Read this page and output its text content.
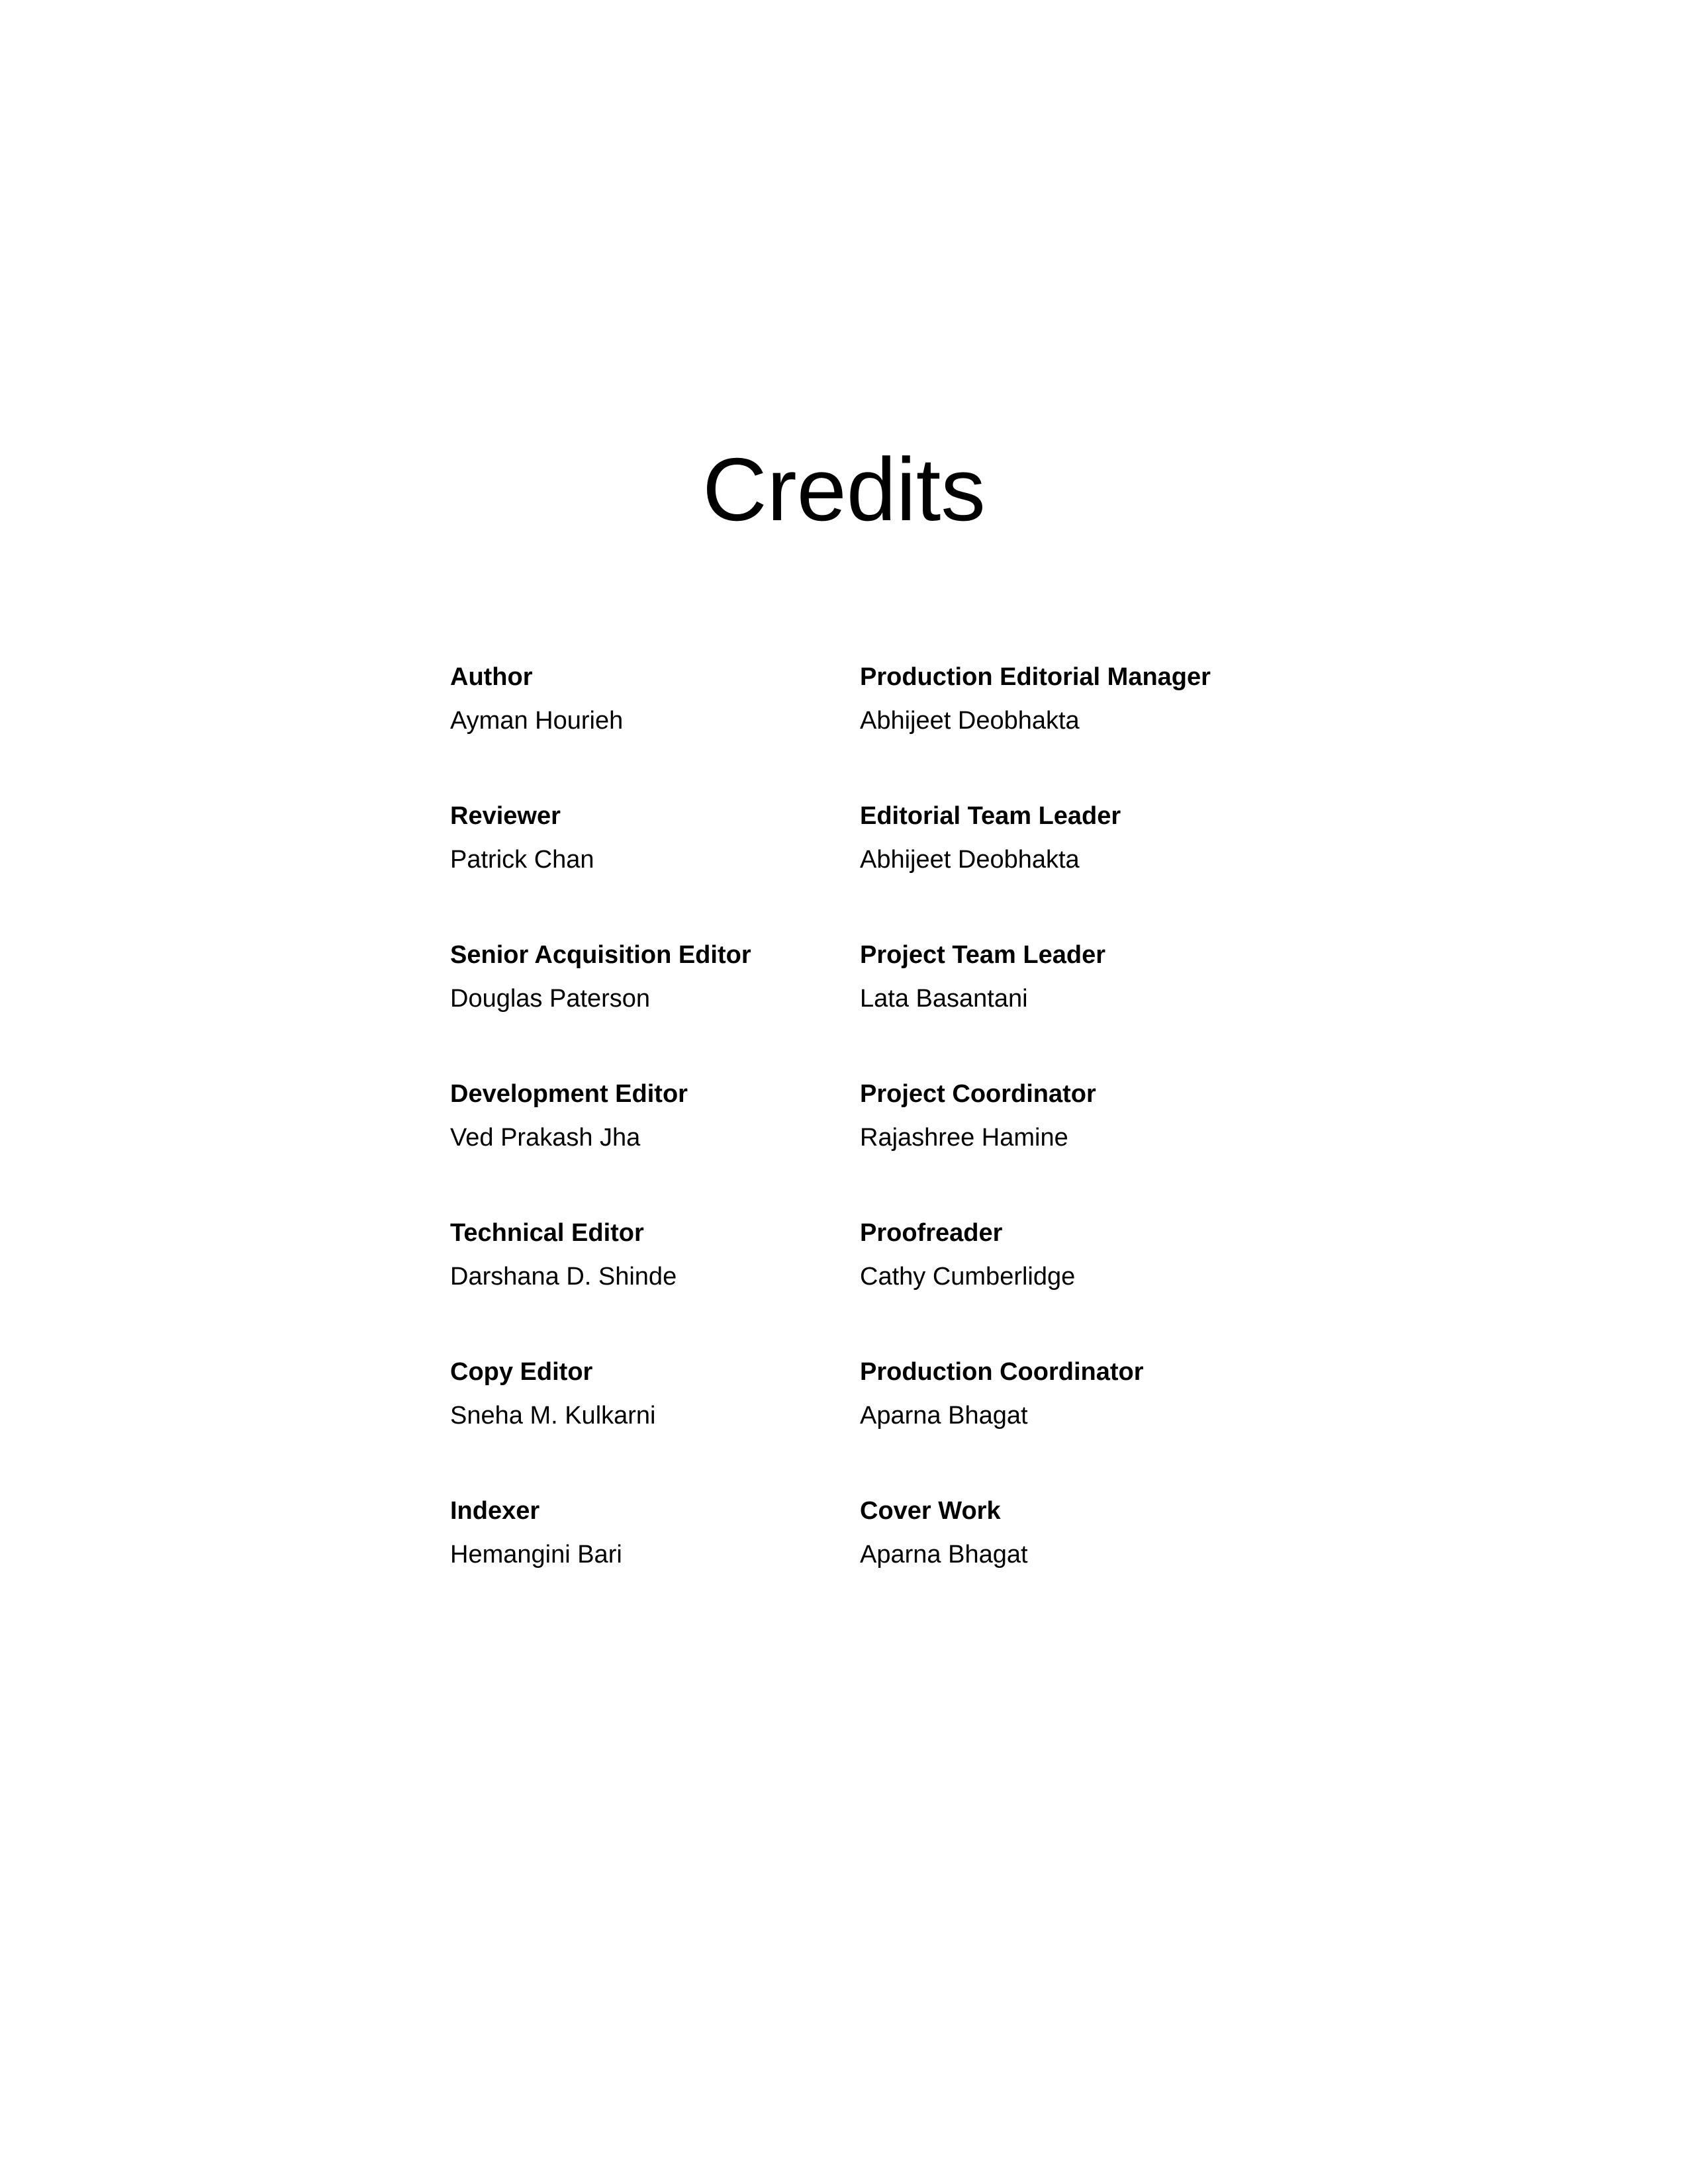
Credits
Author
Ayman Hourieh
Reviewer
Patrick Chan
Senior Acquisition Editor
Douglas Paterson
Development Editor
Ved Prakash Jha
Technical Editor
Darshana D. Shinde
Copy Editor
Sneha M. Kulkarni
Indexer
Hemangini Bari
Production Editorial Manager
Abhijeet Deobhakta
Editorial Team Leader
Abhijeet Deobhakta
Project Team Leader
Lata Basantani
Project Coordinator
Rajashree Hamine
Proofreader
Cathy Cumberlidge
Production Coordinator
Aparna Bhagat
Cover Work
Aparna Bhagat
